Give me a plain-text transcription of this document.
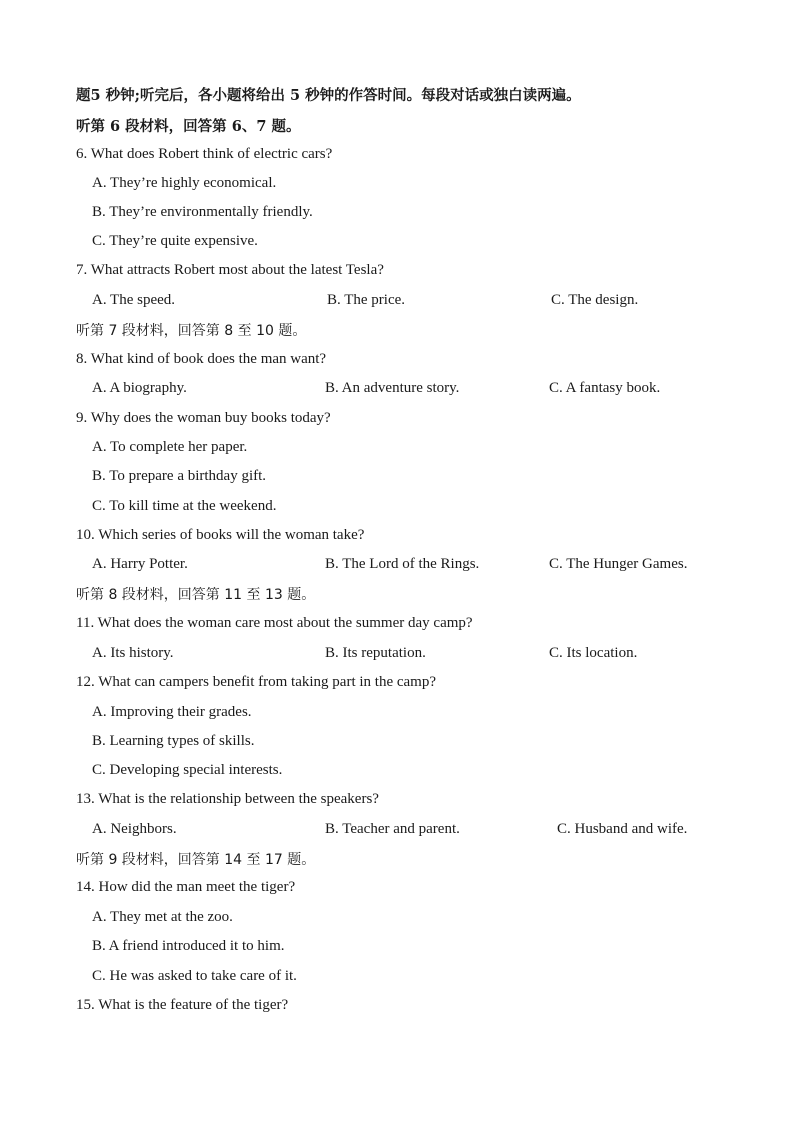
题5 秒钟;听完后，各小题将给出 5 秒钟的作答时间。每段对话或独白读两遍。
听第 6 段材料，回答第 6、7 题。
6. What does Robert think of electric cars?
A. They’re highly economical.
B. They’re environmentally friendly.
C. They’re quite expensive.
7. What attracts Robert most about the latest Tesla?
A. The speed.	B. The price.	C. The design.
听第 7 段材料，回答第 8 至 10 题。
8. What kind of book does the man want?
A. A biography.	B. An adventure story.	C. A fantasy book.
9. Why does the woman buy books today?
A. To complete her paper.
B. To prepare a birthday gift.
C. To kill time at the weekend.
10. Which series of books will the woman take?
A. Harry Potter.	B. The Lord of the Rings.	C. The Hunger Games.
听第 8 段材料，回答第 11 至 13 题。
11. What does the woman care most about the summer day camp?
A. Its history.	B. Its reputation.	C. Its location.
12. What can campers benefit from taking part in the camp?
A. Improving their grades.
B. Learning types of skills.
C. Developing special interests.
13. What is the relationship between the speakers?
A. Neighbors.	B. Teacher and parent.	C. Husband and wife.
听第 9 段材料，回答第 14 至 17 题。
14. How did the man meet the tiger?
A. They met at the zoo.
B. A friend introduced it to him.
C. He was asked to take care of it.
15. What is the feature of the tiger?
